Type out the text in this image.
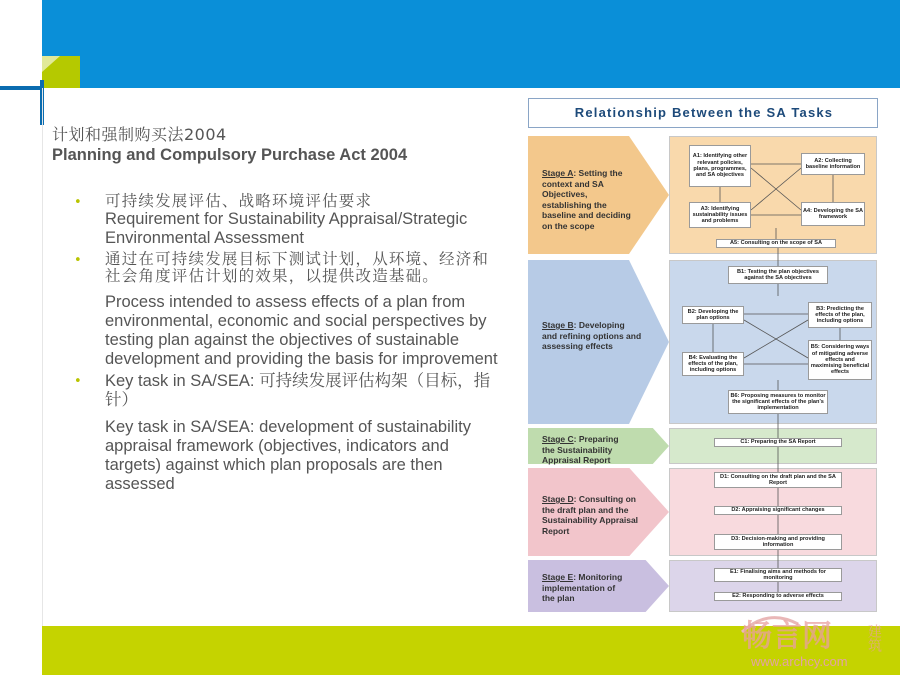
计划和强制购买法2004
Planning and Compulsory Purchase Act 2004
• 可持续发展评估、战略环境评估要求
Requirement for Sustainability Appraisal/Strategic Environmental Assessment
• 通过在可持续发展目标下测试计划，从环境、经济和社会角度评估计划的效果，以提供改造基础。
Process intended to assess effects of a plan from environmental, economic and social perspectives by testing plan against the objectives of sustainable development and providing the basis for improvement
• Key task in SA/SEA: 可持续发展评估构架（目标，指针）
Key task in SA/SEA: development of sustainability appraisal framework (objectives, indicators and targets) against which plan proposals are then assessed
Relationship Between the SA Tasks
Stage A: Setting the context and SA Objectives, establishing the baseline and deciding on the scope
Stage B: Developing and refining options and assessing effects
Stage C: Preparing the Sustainability Appraisal Report
Stage D: Consulting on the draft plan and the Sustainability Appraisal Report
Stage E: Monitoring implementation of the plan
A1: Identifying other relevant policies, plans, programmes, and SA objectives
A2: Collecting baseline information
A3: Identifying sustainability issues and problems
A4: Developing the SA framework
A5: Consulting on the scope of SA
B1: Testing the plan objectives against the SA objectives
B2: Developing the plan options
B3: Predicting the effects of the plan, including options
B4: Evaluating the effects of the plan, including options
B5: Considering ways of mitigating adverse effects and maximising beneficial effects
B6: Proposing measures to monitor the significant effects of the plan's implementation
C1: Preparing the SA Report
D1: Consulting on the draft plan and the SA Report
D2: Appraising significant changes
D3: Decision-making and providing information
E1: Finalising aims and methods for monitoring
E2: Responding to adverse effects
畅言网 建筑
www.archcy.com
